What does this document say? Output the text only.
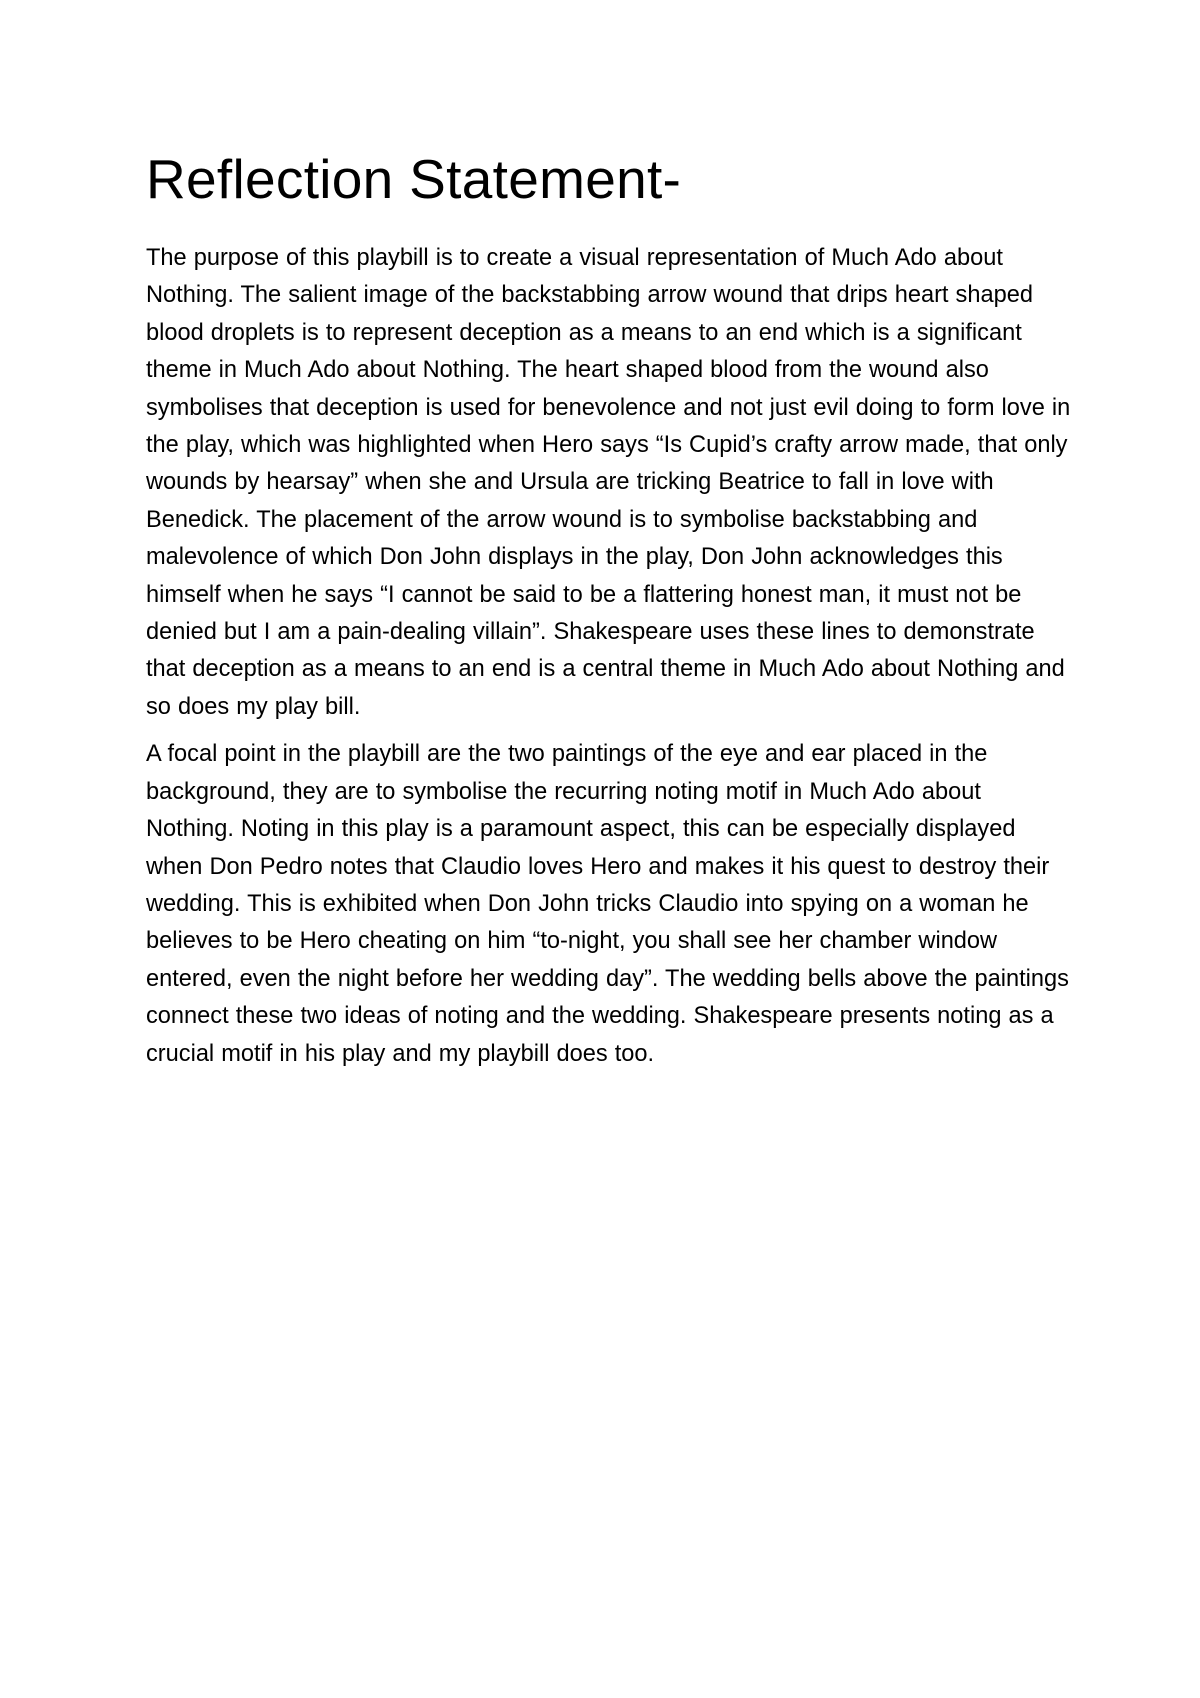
Reflection Statement-

The purpose of this playbill is to create a visual representation of Much Ado about Nothing. The salient image of the backstabbing arrow wound that drips heart shaped blood droplets is to represent deception as a means to an end which is a significant theme in Much Ado about Nothing. The heart shaped blood from the wound also symbolises that deception is used for benevolence and not just evil doing to form love in the play, which was highlighted when Hero says “Is Cupid’s crafty arrow made, that only wounds by hearsay” when she and Ursula are tricking Beatrice to fall in love with Benedick. The placement of the arrow wound is to symbolise backstabbing and malevolence of which Don John displays in the play, Don John acknowledges this himself when he says “I cannot be said to be a flattering honest man, it must not be denied but I am a pain-dealing villain”. Shakespeare uses these lines to demonstrate that deception as a means to an end is a central theme in Much Ado about Nothing and so does my play bill.

A focal point in the playbill are the two paintings of the eye and ear placed in the background, they are to symbolise the recurring noting motif in Much Ado about Nothing. Noting in this play is a paramount aspect, this can be especially displayed when Don Pedro notes that Claudio loves Hero and makes it his quest to destroy their wedding. This is exhibited when Don John tricks Claudio into spying on a woman he believes to be Hero cheating on him “to-night, you shall see her chamber window entered, even the night before her wedding day”. The wedding bells above the paintings connect these two ideas of noting and the wedding. Shakespeare presents noting as a crucial motif in his play and my playbill does too.
